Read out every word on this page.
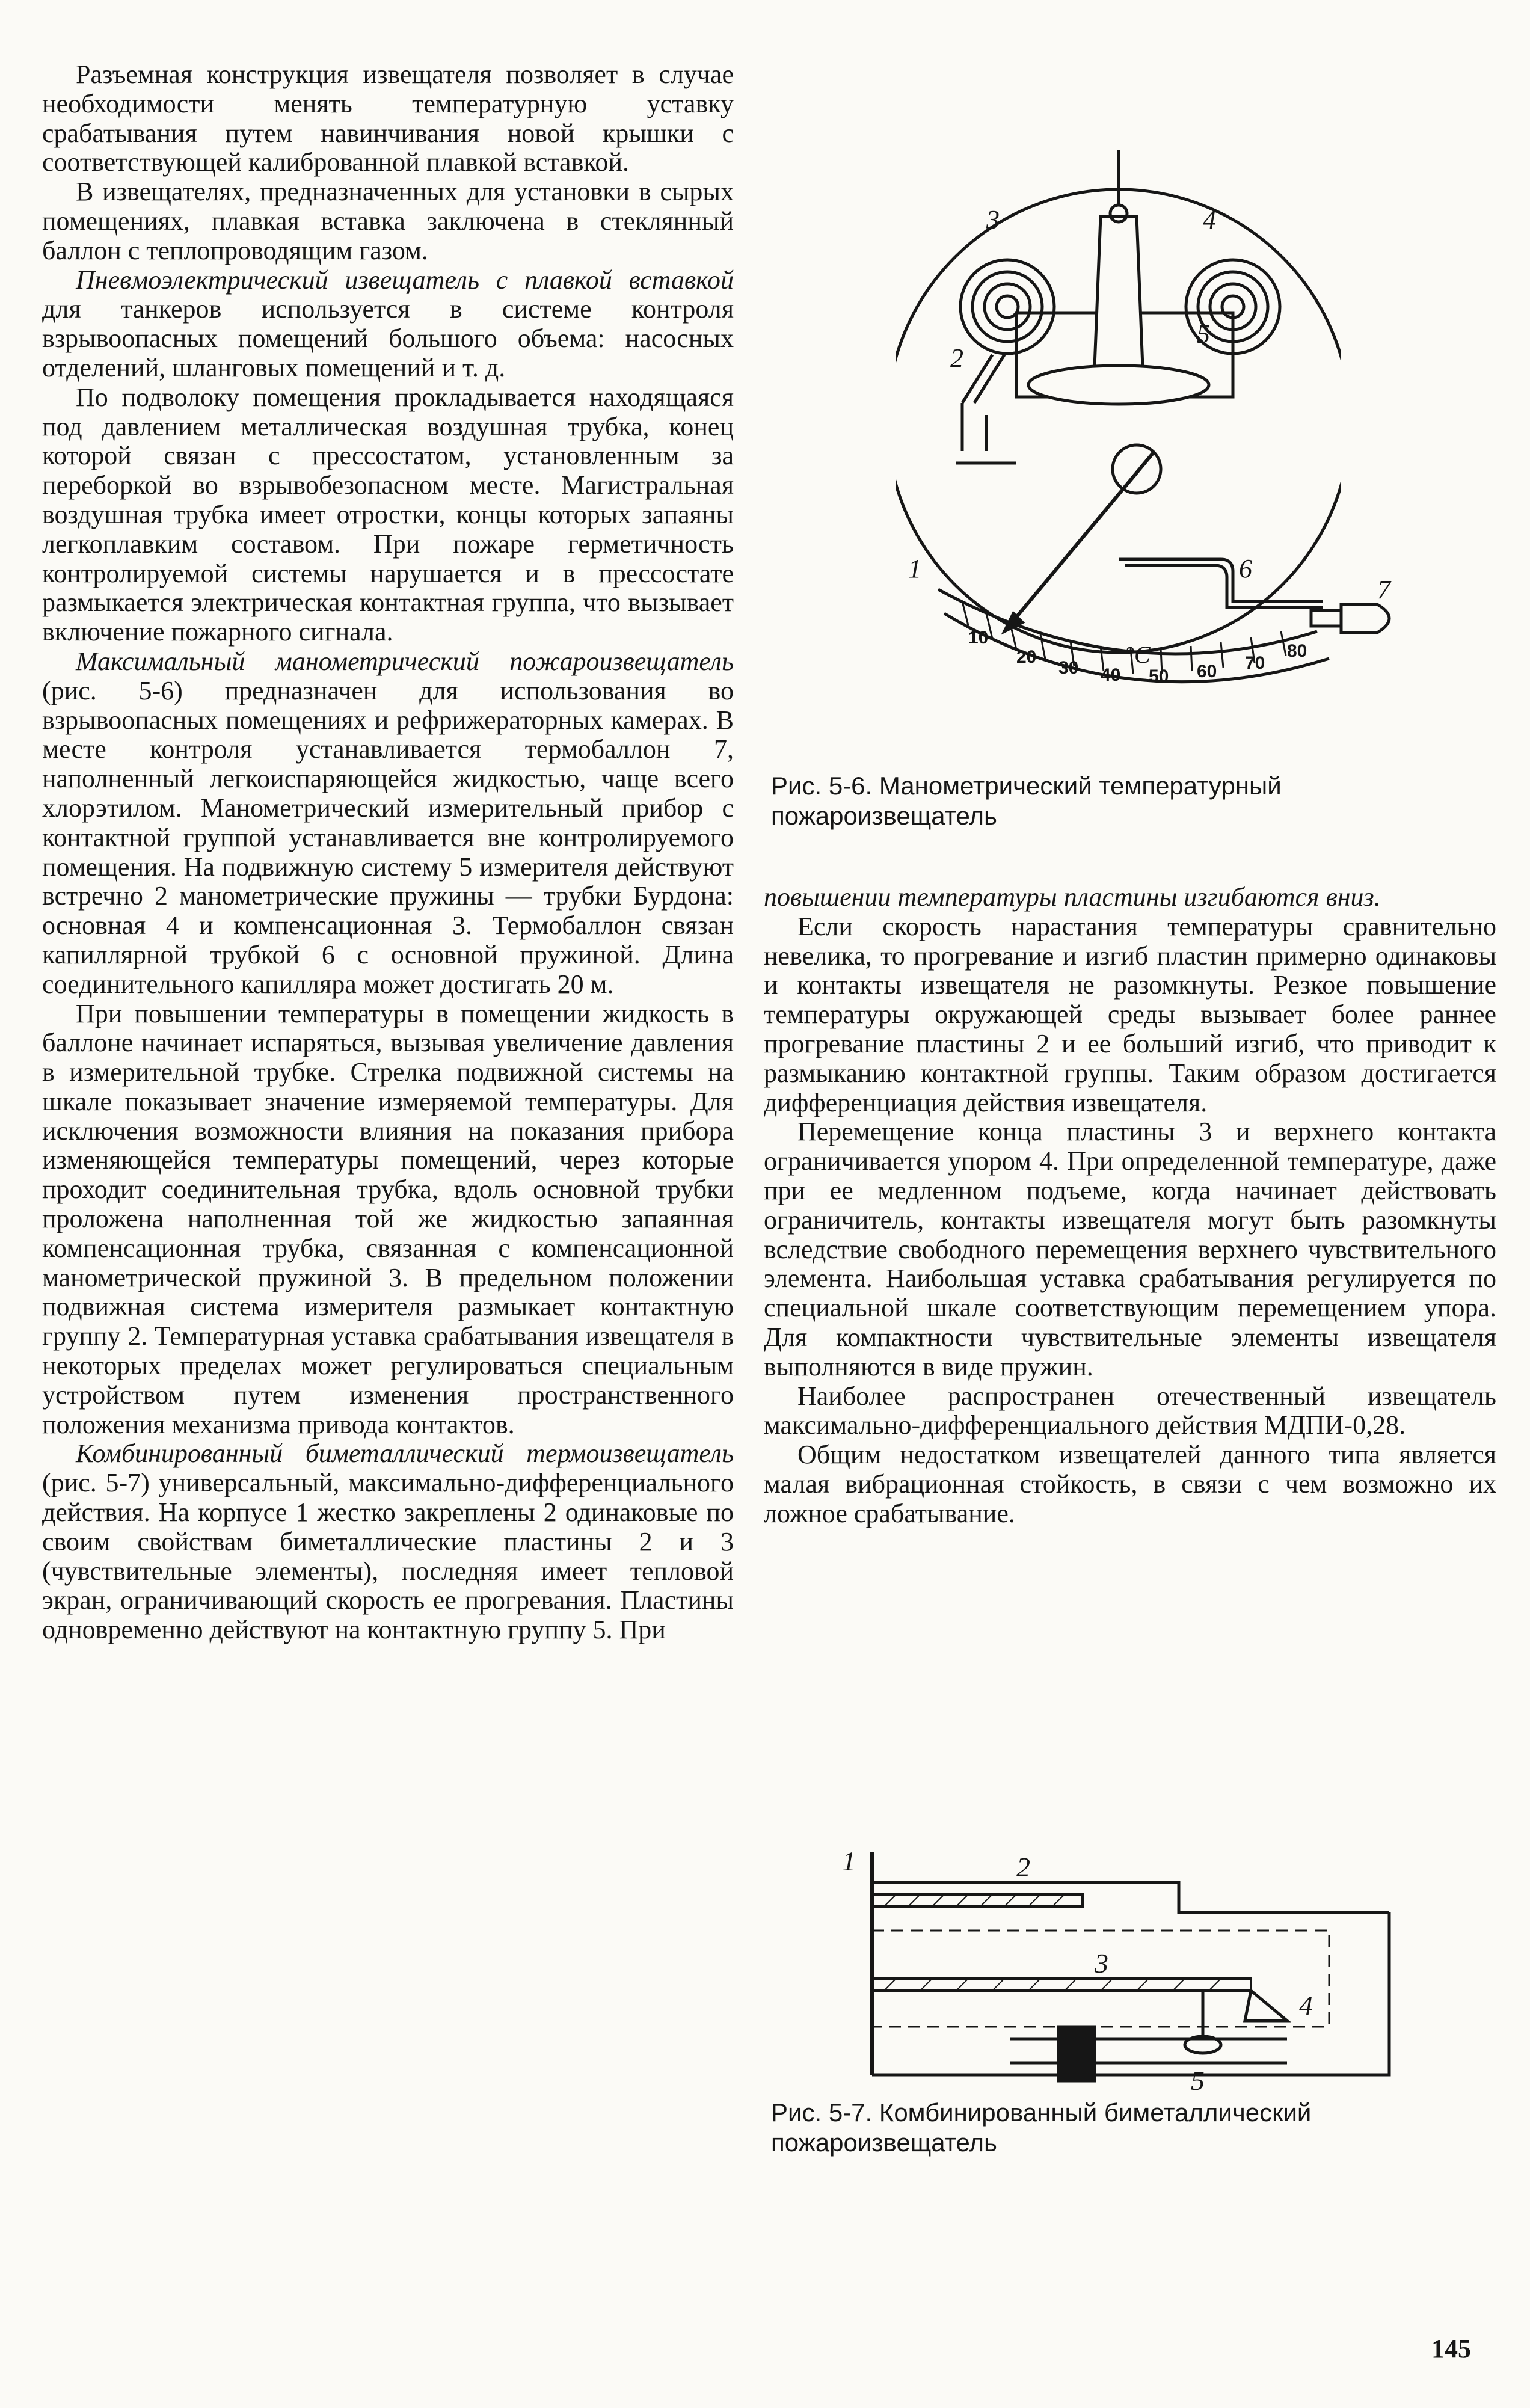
Разъемная конструкция извещателя позволяет в случае необходимости менять температурную уставку срабатывания путем навинчивания новой крышки с соответствующей калиброванной плавкой вставкой.

В извещателях, предназначенных для установки в сырых помещениях, плавкая вставка заключена в стеклянный баллон с теплопроводящим газом.

Пневмоэлектрический извещатель с плавкой вставкой для танкеров используется в системе контроля взрывоопасных помещений большого объема: насосных отделений, шланговых помещений и т. д.

По подволоку помещения прокладывается находящаяся под давлением металлическая воздушная трубка, конец которой связан с прессостатом, установленным за переборкой во взрывобезопасном месте. Магистральная воздушная трубка имеет отростки, концы которых запаяны легкоплавким составом. При пожаре герметичность контролируемой системы нарушается и в прессостате размыкается электрическая контактная группа, что вызывает включение пожарного сигнала.

Максимальный манометрический пожароизвещатель (рис. 5-6) предназначен для использования во взрывоопасных помещениях и рефрижераторных камерах. В месте контроля устанавливается термобаллон 7, наполненный легкоиспаряющейся жидкостью, чаще всего хлорэтилом. Манометрический измерительный прибор с контактной группой устанавливается вне контролируемого помещения. На подвижную систему 5 измерителя действуют встречно 2 манометрические пружины — трубки Бурдона: основная 4 и компенсационная 3. Термобаллон связан капиллярной трубкой 6 с основной пружиной. Длина соединительного капилляра может достигать 20 м.

При повышении температуры в помещении жидкость в баллоне начинает испаряться, вызывая увеличение давления в измерительной трубке. Стрелка подвижной системы на шкале показывает значение измеряемой температуры. Для исключения возможности влияния на показания прибора изменяющейся температуры помещений, через которые проходит соединительная трубка, вдоль основной трубки проложена наполненная той же жидкостью запаянная компенсационная трубка, связанная с компенсационной манометрической пружиной 3. В предельном положении подвижная система измерителя размыкает контактную группу 2. Температурная уставка срабатывания извещателя в некоторых пределах может регулироваться специальным устройством путем изменения пространственного положения механизма привода контактов.

Комбинированный биметаллический термоизвещатель (рис. 5-7) универсальный, максимально-дифференциального действия. На корпусе 1 жестко закреплены 2 одинаковые по своим свойствам биметаллические пластины 2 и 3 (чувствительные элементы), последняя имеет тепловой экран, ограничивающий скорость ее прогревания. Пластины одновременно действуют на контактную группу 5. При

3	4
5
2
1	6
°C
10
20
30 40 50 60 70
80
7
Рис. 5-6. Манометрический температурный пожароизвещатель

повышении температуры пластины изгибаются вниз.

Если скорость нарастания температуры сравнительно невелика, то прогревание и изгиб пластин примерно одинаковы и контакты извещателя не разомкнуты. Резкое повышение температуры окружающей среды вызывает более раннее прогревание пластины 2 и ее больший изгиб, что приводит к размыканию контактной группы. Таким образом достигается дифференциация действия извещателя.

Перемещение конца пластины 3 и верхнего контакта ограничивается упором 4. При определенной температуре, даже при ее медленном подъеме, когда начинает действовать ограничитель, контакты извещателя могут быть разомкнуты вследствие свободного перемещения верхнего чувствительного элемента. Наибольшая уставка срабатывания регулируется по специальной шкале соответствующим перемещением упора. Для компактности чувствительные элементы извещателя выполняются в виде пружин.

Наиболее распространен отечественный извещатель максимально-дифференциального действия МДПИ-0,28.

Общим недостатком извещателей данного типа является малая вибрационная стойкость, в связи с чем возможно их ложное срабатывание.

1	2
3
4
5
Рис. 5-7. Комбинированный биметаллический пожароизвещатель
145
